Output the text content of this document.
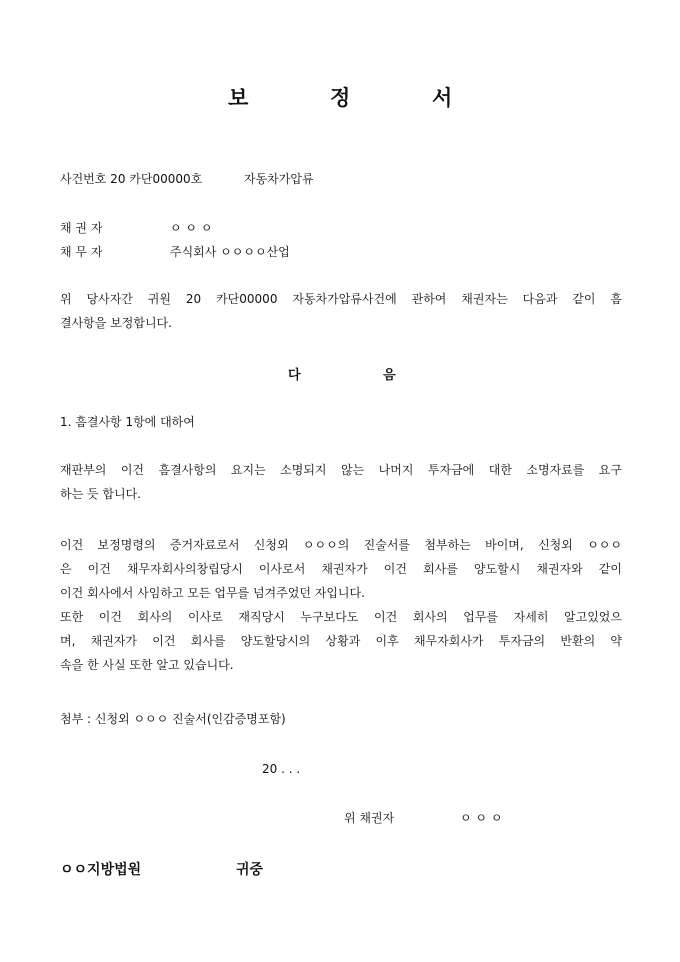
보	정	서
사건번호 20 카단00000호	자동차가압류
채 권 자	ㅇ ㅇ ㅇ
채 무 자	주식회사 ㅇㅇㅇㅇ산업
위 당사자간 귀원 20 카단00000 자동차가압류사건에 관하여 채권자는 다음과 같이 흠
결사항을 보정합니다.
다	음
1. 흠결사항 1항에 대하여
재판부의 이건 흠결사항의 요지는 소명되지 않는 나머지 투자금에 대한 소명자료를 요구
하는 듯 합니다.
이건 보정명령의 증거자료로서 신청외 ㅇㅇㅇ의 진술서를 첨부하는 바이며, 신청외 ㅇㅇㅇ
은 이건 채무자회사의창립당시 이사로서 채권자가 이건 회사를 양도할시 채권자와 같이
이건 회사에서 사임하고 모든 업무를 넘겨주었던 자입니다.
또한 이건 회사의 이사로 재직당시 누구보다도 이건 회사의 업무를 자세히 알고있었으
며, 채권자가 이건 회사를 양도할당시의 상황과 이후 채무자회사가 투자금의 반환의 약
속을 한 사실 또한 알고 있습니다.
첨부 : 신청외 ㅇㅇㅇ 진술서(인감증명포함)
20 . . .
위 채권자	ㅇ ㅇ ㅇ
ㅇㅇ지방법원	귀중
